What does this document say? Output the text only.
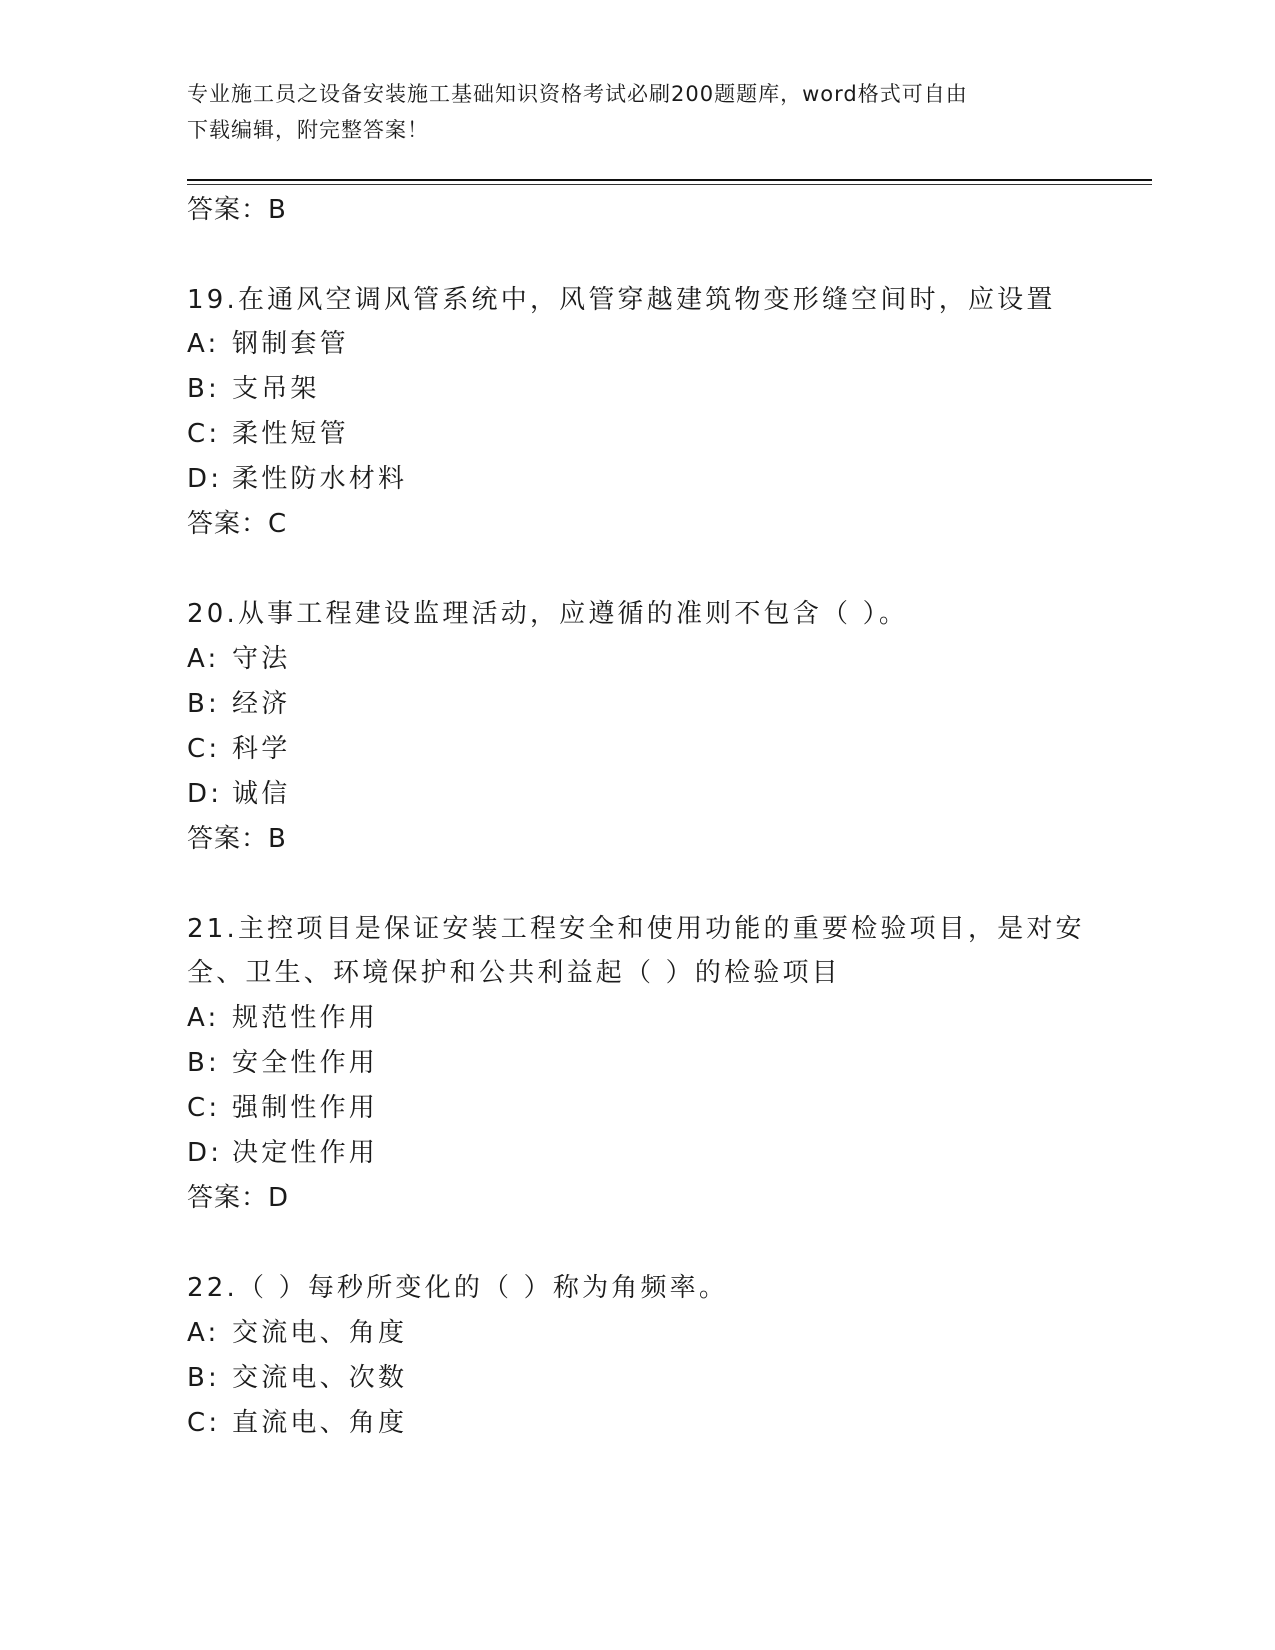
专业施工员之设备安装施工基础知识资格考试必刷200题题库，word格式可自由
下载编辑，附完整答案！
答案：B
19.在通风空调风管系统中，风管穿越建筑物变形缝空间时，应设置
A: 钢制套管
B: 支吊架
C: 柔性短管
D: 柔性防水材料
答案：C
20.从事工程建设监理活动，应遵循的准则不包含（ ）。
A: 守法
B: 经济
C: 科学
D: 诚信
答案：B
21.主控项目是保证安装工程安全和使用功能的重要检验项目，是对安
全、卫生、环境保护和公共利益起（ ）的检验项目
A: 规范性作用
B: 安全性作用
C: 强制性作用
D: 决定性作用
答案：D
22.（ ）每秒所变化的（ ）称为角频率。
A: 交流电、角度
B: 交流电、次数
C: 直流电、角度
